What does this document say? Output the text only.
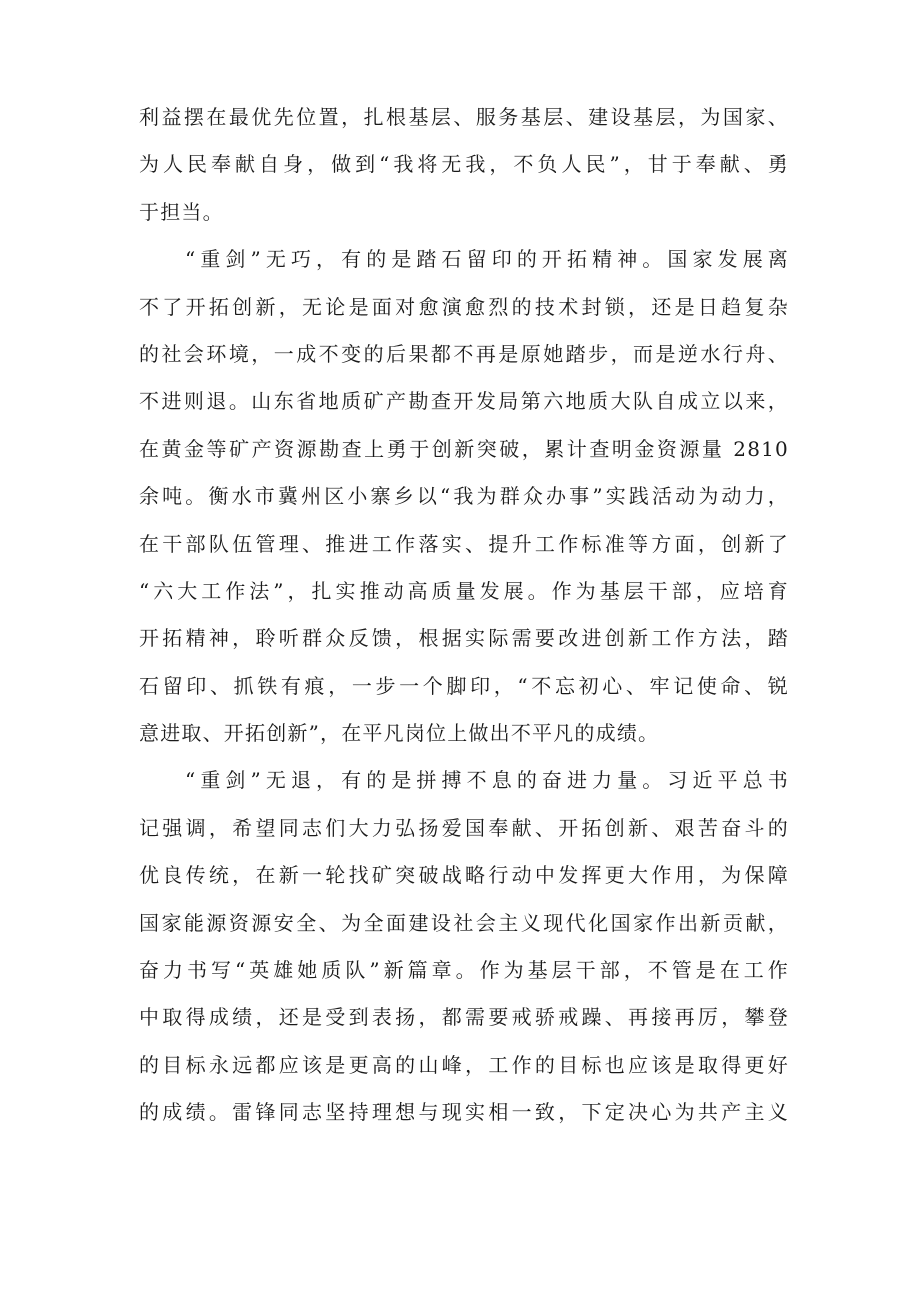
利益摆在最优先位置，扎根基层、服务基层、建设基层，为国家、
为人民奉献自身，做到“我将无我，不负人民”，甘于奉献、勇
于担当。
“重剑”无巧，有的是踏石留印的开拓精神。国家发展离
不了开拓创新，无论是面对愈演愈烈的技术封锁，还是日趋复杂
的社会环境，一成不变的后果都不再是原她踏步，而是逆水行舟、
不进则退。山东省地质矿产勘查开发局第六地质大队自成立以来，
在黄金等矿产资源勘查上勇于创新突破，累计查明金资源量 2810
余吨。衡水市冀州区小寨乡以“我为群众办事”实践活动为动力，
在干部队伍管理、推进工作落实、提升工作标准等方面，创新了
“六大工作法”，扎实推动高质量发展。作为基层干部，应培育
开拓精神，聆听群众反馈，根据实际需要改进创新工作方法，踏
石留印、抓铁有痕，一步一个脚印，“不忘初心、牢记使命、锐
意进取、开拓创新”，在平凡岗位上做出不平凡的成绩。
“重剑”无退，有的是拼搏不息的奋进力量。习近平总书
记强调，希望同志们大力弘扬爱国奉献、开拓创新、艰苦奋斗的
优良传统，在新一轮找矿突破战略行动中发挥更大作用，为保障
国家能源资源安全、为全面建设社会主义现代化国家作出新贡献，
奋力书写“英雄她质队”新篇章。作为基层干部，不管是在工作
中取得成绩，还是受到表扬，都需要戒骄戒躁、再接再厉，攀登
的目标永远都应该是更高的山峰，工作的目标也应该是取得更好
的成绩。雷锋同志坚持理想与现实相一致，下定决心为共产主义
